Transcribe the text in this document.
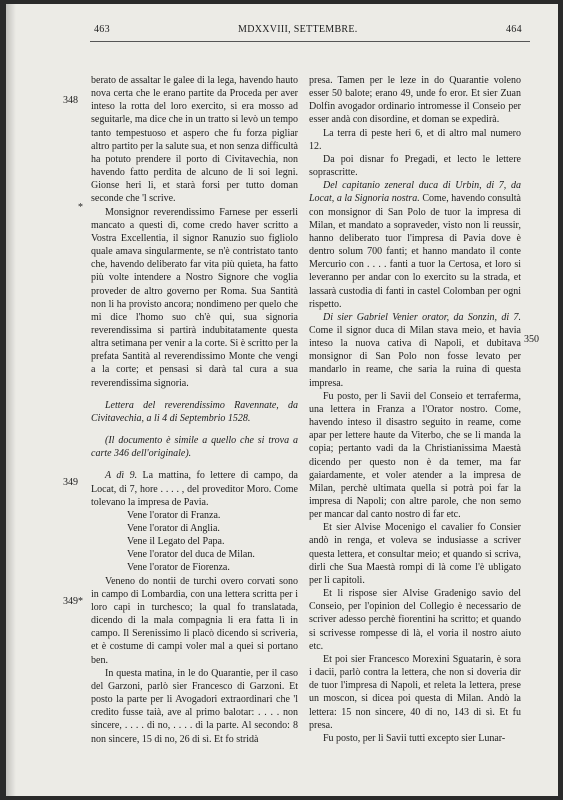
463	MDXXVIII, SETTEMBRE.	464
348
*
349
349*
350

berato de assaltar le galee di la lega, havendo hauto nova certa che le erano partite da Proceda per aver inteso la rotta del loro exercito, si era mosso ad seguitarle, ma dice che in un tratto si levò un tempo tanto tempestuoso et aspero che fu forza pigliar altro partito per la salute sua, et non senza difficultà ha potuto prendere il porto di Civitavechia, non havendo fatto perdita de alcuno de li soi legni. Gionse heri li, et starà forsi per tutto doman seconde che 'l scrive.

Monsignor reverendissimo Farnese per esserli mancato a questi dì, come credo haver scritto a Vostra Excellentia, il signor Ranuzio suo figliolo quale amava singularmente, se n'è contristato tanto che, havendo deliberato far vita più quieta, ha fatto più volte intendere a Nostro Signore che voglia proveder de altro governo per Roma. Sua Santità non li ha provisto ancora; nondimeno per quelo che mi dice l'homo suo ch'è qui, sua signoria reverendissima si partirà indubitatamente questa altra setimana per venir a la corte. Si è scritto per la prefata Santità al reverendissimo Monte che vengi a la corte; et pensasi si darà tal cura a sua reverendissima signoria.

Lettera del reverendissimo Ravennate, da Civitavechia, a li 4 di Septembrio 1528.

(Il documento è simile a quello che si trova a carte 346 dell'originale).

A dì 9. La mattina, fo lettere di campo, da Locat, di 7, hore . . . . , del proveditor Moro. Come tolevano la impresa de Pavia.

Vene l'orator di Franza.

Vene l'orator di Anglia.

Vene il Legato del Papa.

Vene l'orator del duca de Milan.

Vene l'orator de Fiorenza.

Veneno do nontii de turchi overo corvati sono in campo di Lombardia, con una lettera scritta per i loro capi in turchesco; la qual fo translatada, dicendo di la mala compagnia li era fatta lì in campo. Il Serenissimo li placò dicendo si scriveria, et è costume di campi voler mal a quei si portano ben.

In questa matina, in le do Quarantie, per il caso del Garzoni, parlò sier Francesco di Garzoni. Et posto la parte per li Avogadori extraordinari che 'l credito fusse taià, ave al primo balotar: . . . . non sincere, . . . . di no, . . . . di la parte. Al secondo: 8 non sincere, 15 di no, 26 di sì. Et fo stridà

presa. Tamen per le leze in do Quarantie voleno esser 50 balote; erano 49, unde fo eror. Et sier Zuan Dolfin avogador ordinario intromesse il Conseio per esser andà con disordine, et doman se expedirà.

La terra di peste heri 6, et di altro mal numero 12.

Da poi disnar fo Pregadi, et lecto le lettere soprascritte.

Del capitanio zeneral duca di Urbin, di 7, da Locat, a la Signoria nostra. Come, havendo consultà con monsignor di San Polo de tuor la impresa di Milan, et mandato a sopraveder, visto non li reussir, hanno deliberato tuor l'impresa di Pavia dove è dentro solum 700 fanti; et hanno mandato il conte Mercurio con . . . . fanti a tuor la Certosa, et loro si leveranno per andar con lo exercito su la strada, et lassarà custodia di fanti in castel Colomban per ogni rispetto.

Di sier Gabriel Venier orator, da Sonzin, di 7. Come il signor duca di Milan stava meio, et havia inteso la nuova cativa di Napoli, et dubitava monsignor di San Polo non fosse levato per mandarlo in reame, che saria la ruina di questa impresa.

Fu posto, per li Savii del Conseio et terraferma, una lettera in Franza a l'Orator nostro. Come, havendo inteso il disastro seguito in reame, come apar per lettere haute da Viterbo, che se li manda la copia; pertanto vadi da la Christianissima Maestà dicendo per questo non è da temer, ma far gaiardamente, et voler atender a la impresa de Milan, perchè ultimata quella si potrà poi far la impresa di Napoli; con altre parole, che non semo per mancar dal canto nostro di far etc.

Et sier Alvise Mocenigo el cavalier fo Consier andò in renga, et voleva se indusiasse a scriver questa lettera, et consultar meio; et quando si scriva, dirli che Sua Maestà rompi di là come l'è ubligato per li capitoli.

Et li rispose sier Alvise Gradenigo savio del Conseio, per l'opinion del Collegio è necessario de scriver adesso perchè fiorentini ha scritto; et quando si scrivesse rompesse di là, el voria il nostro aiuto etc.

Et poi sier Francesco Morexini Sguatarin, è sora i dacii, parlò contra la lettera, che non si doveria dir de tuor l'impresa di Napoli, et releta la lettera, prese un moscon, si dicea poi questa di Milan. Andò la lettera: 15 non sincere, 40 di no, 143 di sì. Et fu presa.

Fu posto, per li Savii tutti excepto sier Lunar-
